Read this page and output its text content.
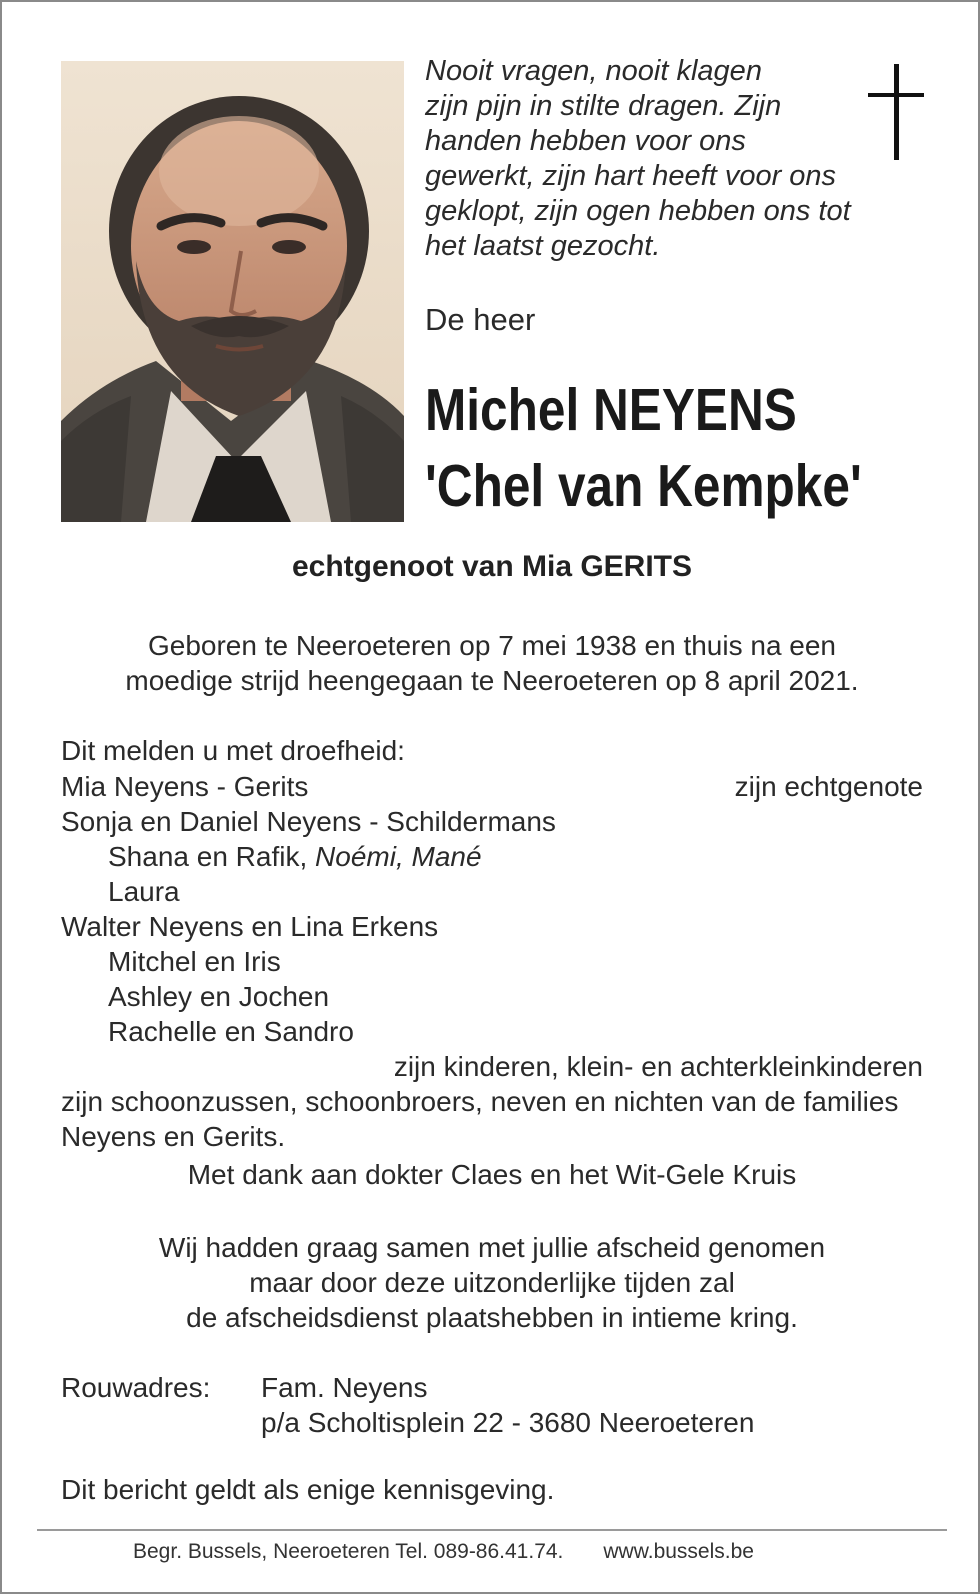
Nooit vragen, nooit klagen
zijn pijn in stilte dragen. Zijn
handen hebben voor ons
gewerkt, zijn hart heeft voor ons
geklopt, zijn ogen hebben ons tot
het laatst gezocht.
De heer
Michel NEYENS
'Chel van Kempke'
echtgenoot van Mia GERITS
Geboren te Neeroeteren op 7 mei 1938 en thuis na een
moedige strijd heengegaan te Neeroeteren op 8 april 2021.
Dit melden u met droefheid:
Mia Neyens - Gerits	zijn echtgenote
Sonja en Daniel Neyens - Schildermans
Shana en Rafik, Noémi, Mané
Laura
Walter Neyens en Lina Erkens
Mitchel en Iris
Ashley en Jochen
Rachelle en Sandro
zijn kinderen, klein- en achterkleinkinderen
zijn schoonzussen, schoonbroers, neven en nichten van de families Neyens en Gerits.
Met dank aan dokter Claes en het Wit-Gele Kruis
Wij hadden graag samen met jullie afscheid genomen
maar door deze uitzonderlijke tijden zal
de afscheidsdienst plaatshebben in intieme kring.
Rouwadres: Fam. Neyens
p/a Scholtisplein 22 - 3680 Neeroeteren
Dit bericht geldt als enige kennisgeving.
Begr. Bussels, Neeroeteren Tel. 089-86.41.74. www.bussels.be
